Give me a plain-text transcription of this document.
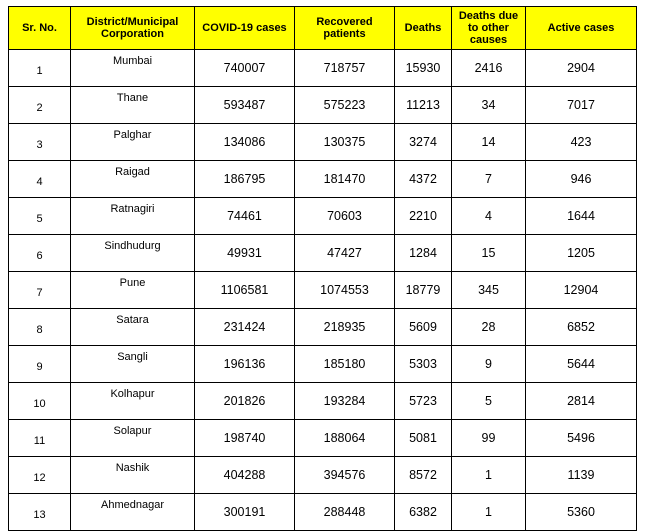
Sr. No.	District/Municipal Corporation	COVID-19 cases	Recovered patients	Deaths	Deaths due to other causes	Active cases
1	Mumbai	740007	718757	15930	2416	2904
2	Thane	593487	575223	11213	34	7017
3	Palghar	134086	130375	3274	14	423
4	Raigad	186795	181470	4372	7	946
5	Ratnagiri	74461	70603	2210	4	1644
6	Sindhudurg	49931	47427	1284	15	1205
7	Pune	1106581	1074553	18779	345	12904
8	Satara	231424	218935	5609	28	6852
9	Sangli	196136	185180	5303	9	5644
10	Kolhapur	201826	193284	5723	5	2814
11	Solapur	198740	188064	5081	99	5496
12	Nashik	404288	394576	8572	1	1139
13	Ahmednagar	300191	288448	6382	1	5360
